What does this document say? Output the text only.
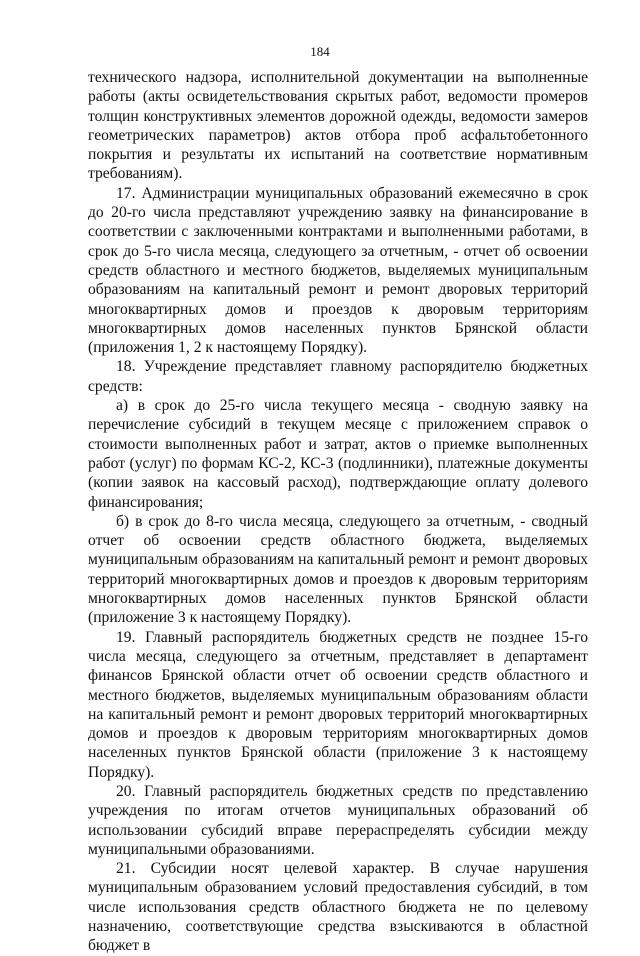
184

технического надзора, исполнительной документации на выполненные работы (акты освидетельствования скрытых работ, ведомости промеров толщин конструктивных элементов дорожной одежды, ведомости замеров геометрических параметров) актов отбора проб асфальтобетонного покрытия и результаты их испытаний на соответствие нормативным требованиям).

17. Администрации муниципальных образований ежемесячно в срок до 20-го числа представляют учреждению заявку на финансирование в соответствии с заключенными контрактами и выполненными работами, в срок до 5-го числа месяца, следующего за отчетным, - отчет об освоении средств областного и местного бюджетов, выделяемых муниципальным образованиям на капитальный ремонт и ремонт дворовых территорий многоквартирных домов и проездов к дворовым территориям многоквартирных домов населенных пунктов Брянской области (приложения 1, 2 к настоящему Порядку).

18. Учреждение представляет главному распорядителю бюджетных средств:

а) в срок до 25-го числа текущего месяца - сводную заявку на перечисление субсидий в текущем месяце с приложением справок о стоимости выполненных работ и затрат, актов о приемке выполненных работ (услуг) по формам КС-2, КС-3 (подлинники), платежные документы (копии заявок на кассовый расход), подтверждающие оплату долевого финансирования;

б) в срок до 8-го числа месяца, следующего за отчетным, - сводный отчет об освоении средств областного бюджета, выделяемых муниципальным образованиям на капитальный ремонт и ремонт дворовых территорий многоквартирных домов и проездов к дворовым территориям многоквартирных домов населенных пунктов Брянской области (приложение 3 к настоящему Порядку).

19. Главный распорядитель бюджетных средств не позднее 15-го числа месяца, следующего за отчетным, представляет в департамент финансов Брянской области отчет об освоении средств областного и местного бюджетов, выделяемых муниципальным образованиям области на капитальный ремонт и ремонт дворовых территорий многоквартирных домов и проездов к дворовым территориям многоквартирных домов населенных пунктов Брянской области (приложение 3 к настоящему Порядку).

20. Главный распорядитель бюджетных средств по представлению учреждения по итогам отчетов муниципальных образований об использовании субсидий вправе перераспределять субсидии между муниципальными образованиями.

21. Субсидии носят целевой характер. В случае нарушения муниципальным образованием условий предоставления субсидий, в том числе использования средств областного бюджета не по целевому назначению, соответствующие средства взыскиваются в областной бюджет в
